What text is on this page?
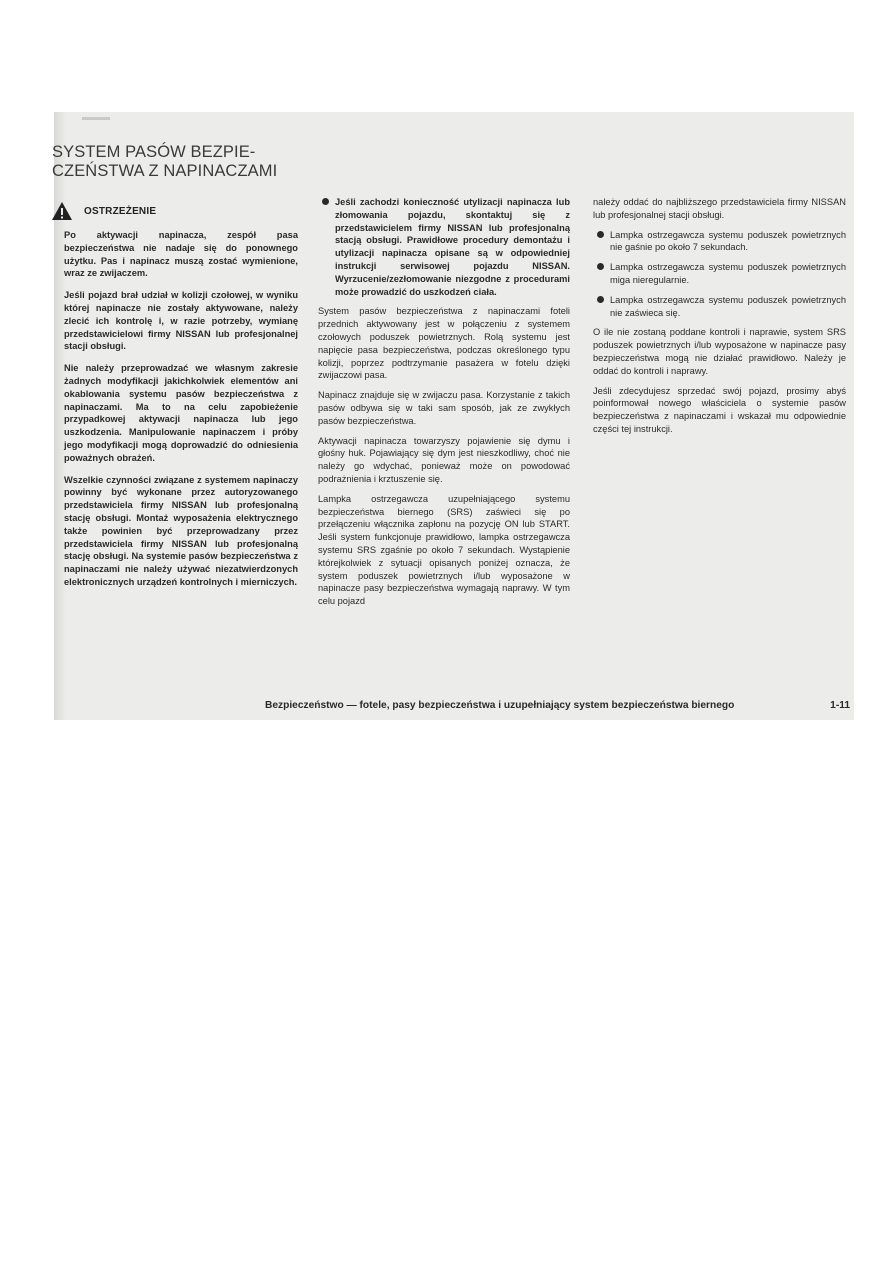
SYSTEM PASÓW BEZPIE-
CZEŃSTWA Z NAPINACZAMI
OSTRZEŻENIE

Po aktywacji napinacza, zespół pasa bezpieczeństwa nie nadaje się do ponownego użytku. Pas i napinacz muszą zostać wymienione, wraz ze zwijaczem.

Jeśli pojazd brał udział w kolizji czołowej, w wyniku której napinacze nie zostały aktywowane, należy zlecić ich kontrolę i, w razie potrzeby, wymianę przedstawicielowi firmy NISSAN lub profesjonalnej stacji obsługi.

Nie należy przeprowadzać we własnym zakresie żadnych modyfikacji jakichkolwiek elementów ani okablowania systemu pasów bezpieczeństwa z napinaczami. Ma to na celu zapobieżenie przypadkowej aktywacji napinacza lub jego uszkodzenia. Manipulowanie napinaczem i próby jego modyfikacji mogą doprowadzić do odniesienia poważnych obrażeń.

Wszelkie czynności związane z systemem napinaczy powinny być wykonane przez autoryzowanego przedstawiciela firmy NISSAN lub profesjonalną stację obsługi. Montaż wyposażenia elektrycznego także powinien być przeprowadzany przez przedstawiciela firmy NISSAN lub profesjonalną stację obsługi. Na systemie pasów bezpieczeństwa z napinaczami nie należy używać niezatwierdzonych elektronicznych urządzeń kontrolnych i mierniczych.

Jeśli zachodzi konieczność utylizacji napinacza lub złomowania pojazdu, skontaktuj się z przedstawicielem firmy NISSAN lub profesjonalną stacją obsługi. Prawidłowe procedury demontażu i utylizacji napinacza opisane są w odpowiedniej instrukcji serwisowej pojazdu NISSAN. Wyrzucenie/zezłomowanie niezgodne z procedurami może prowadzić do uszkodzeń ciała.

System pasów bezpieczeństwa z napinaczami foteli przednich aktywowany jest w połączeniu z systemem czołowych poduszek powietrznych. Rolą systemu jest napięcie pasa bezpieczeństwa, podczas określonego typu kolizji, poprzez podtrzymanie pasażera w fotelu dzięki zwijaczowi pasa.

Napinacz znajduje się w zwijaczu pasa. Korzystanie z takich pasów odbywa się w taki sam sposób, jak ze zwykłych pasów bezpieczeństwa.

Aktywacji napinacza towarzyszy pojawienie się dymu i głośny huk. Pojawiający się dym jest nieszkodliwy, choć nie należy go wdychać, ponieważ może on powodować podrażnienia i krztuszenie się.

Lampka ostrzegawcza uzupełniającego systemu bezpieczeństwa biernego (SRS) zaświeci się po przełączeniu włącznika zapłonu na pozycję ON lub START. Jeśli system funkcjonuje prawidłowo, lampka ostrzegawcza systemu SRS zgaśnie po około 7 sekundach. Wystąpienie którejkolwiek z sytuacji opisanych poniżej oznacza, że system poduszek powietrznych i/lub wyposażone w napinacze pasy bezpieczeństwa wymagają naprawy. W tym celu pojazd

należy oddać do najbliższego przedstawiciela firmy NISSAN lub profesjonalnej stacji obsługi.

Lampka ostrzegawcza systemu poduszek powietrznych nie gaśnie po około 7 sekundach.

Lampka ostrzegawcza systemu poduszek powietrznych miga nieregularnie.

Lampka ostrzegawcza systemu poduszek powietrznych nie zaświeca się.

O ile nie zostaną poddane kontroli i naprawie, system SRS poduszek powietrznych i/lub wyposażone w napinacze pasy bezpieczeństwa mogą nie działać prawidłowo. Należy je oddać do kontroli i naprawy.

Jeśli zdecydujesz sprzedać swój pojazd, prosimy abyś poinformował nowego właściciela o systemie pasów bezpieczeństwa z napinaczami i wskazał mu odpowiednie części tej instrukcji.

Bezpieczeństwo — fotele, pasy bezpieczeństwa i uzupełniający system bezpieczeństwa biernego	1-11
